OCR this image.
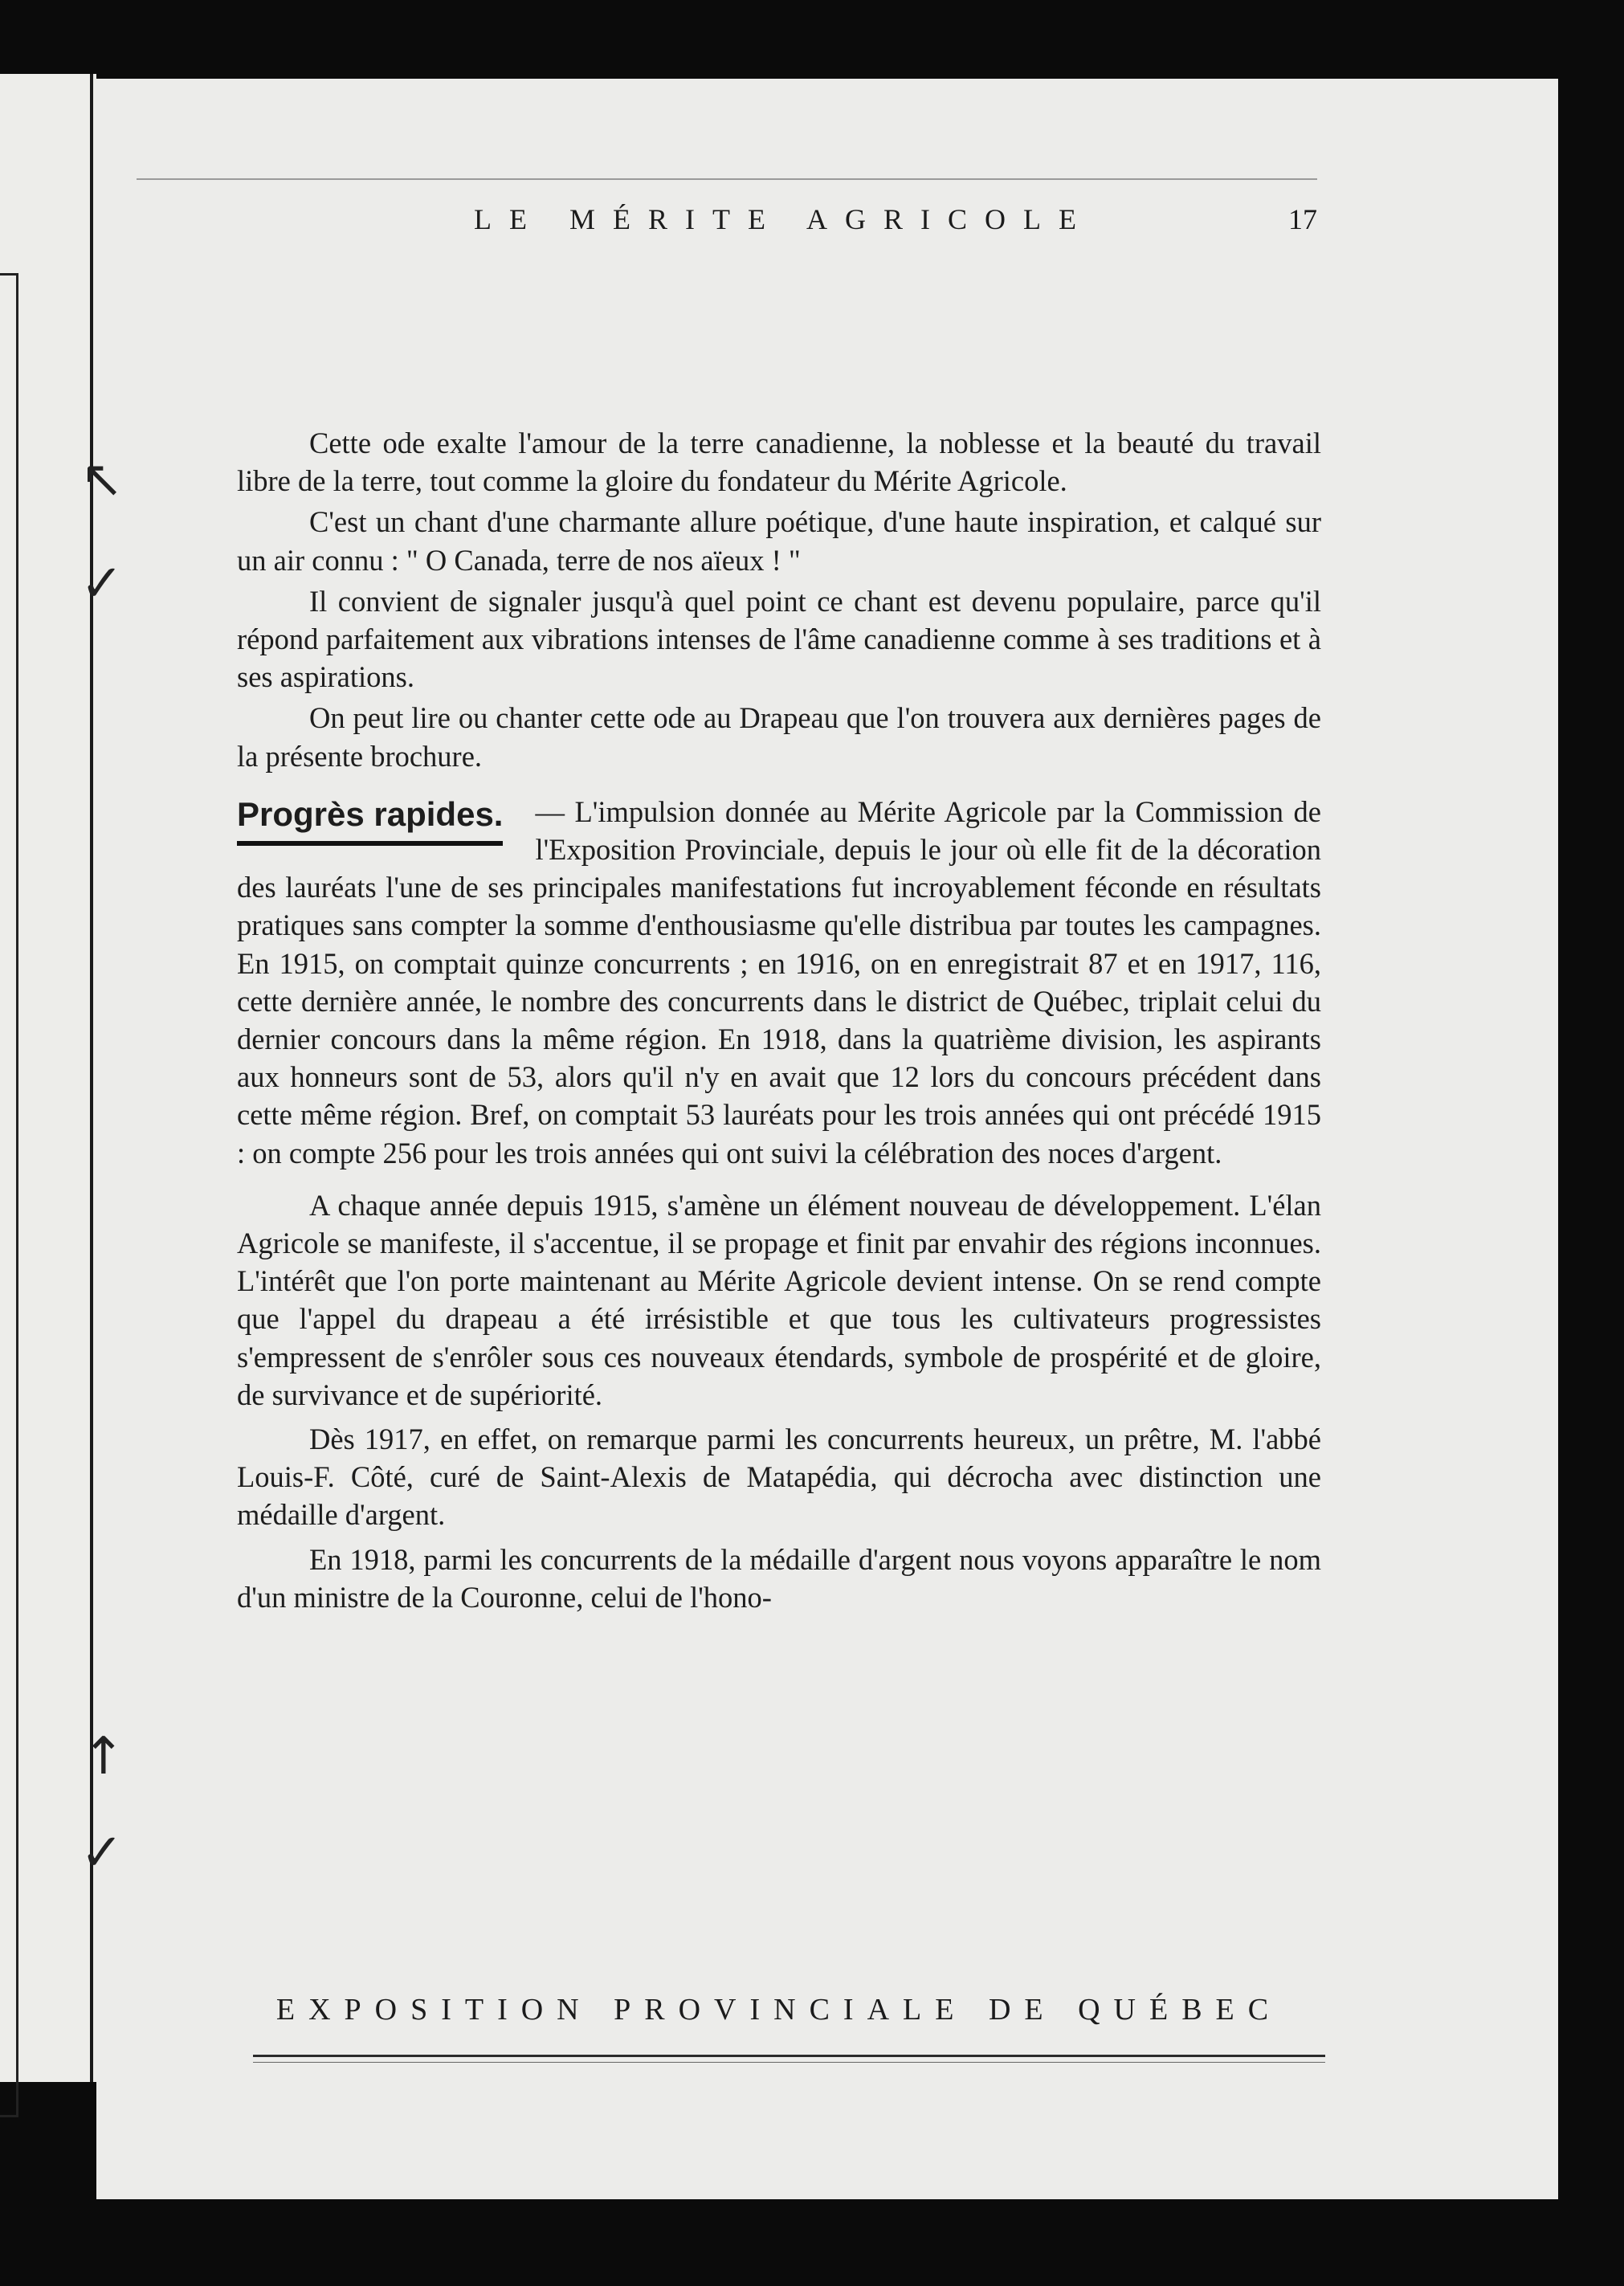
LE MÉRITE AGRICOLE	17
↖
✓
↑
✓

Cette ode exalte l'amour de la terre canadienne, la noblesse et la beauté du travail libre de la terre, tout comme la gloire du fondateur du Mérite Agricole.

C'est un chant d'une charmante allure poétique, d'une haute inspiration, et calqué sur un air connu : " O Canada, terre de nos aïeux ! "

Il convient de signaler jusqu'à quel point ce chant est devenu populaire, parce qu'il répond parfaitement aux vibrations intenses de l'âme canadienne comme à ses traditions et à ses aspirations.

On peut lire ou chanter cette ode au Drapeau que l'on trouvera aux dernières pages de la présente brochure.

Progrès rapides.	— L'impulsion donnée au Mérite Agricole par la Commission de l'Exposition Provinciale, depuis le jour où elle fit de la décoration des lauréats l'une de ses principales manifestations fut incroyablement féconde en résultats pratiques sans compter la somme d'enthousiasme qu'elle distribua par toutes les campagnes. En 1915, on comptait quinze concurrents ; en 1916, on en enregistrait 87 et en 1917, 116, cette dernière année, le nombre des concurrents dans le district de Québec, triplait celui du dernier concours dans la même région. En 1918, dans la quatrième division, les aspirants aux honneurs sont de 53, alors qu'il n'y en avait que 12 lors du concours précédent dans cette même région. Bref, on comptait 53 lauréats pour les trois années qui ont précédé 1915 : on compte 256 pour les trois années qui ont suivi la célébration des noces d'argent.

A chaque année depuis 1915, s'amène un élément nouveau de développement. L'élan Agricole se manifeste, il s'accentue, il se propage et finit par envahir des régions inconnues. L'intérêt que l'on porte maintenant au Mérite Agricole devient intense. On se rend compte que l'appel du drapeau a été irrésistible et que tous les cultivateurs progressistes s'empressent de s'enrôler sous ces nouveaux étendards, symbole de prospérité et de gloire, de survivance et de supériorité.

Dès 1917, en effet, on remarque parmi les concurrents heureux, un prêtre, M. l'abbé Louis-F. Côté, curé de Saint-Alexis de Matapédia, qui décrocha avec distinction une médaille d'argent.

En 1918, parmi les concurrents de la médaille d'argent nous voyons apparaître le nom d'un ministre de la Couronne, celui de l'hono-

EXPOSITION PROVINCIALE DE QUÉBEC
